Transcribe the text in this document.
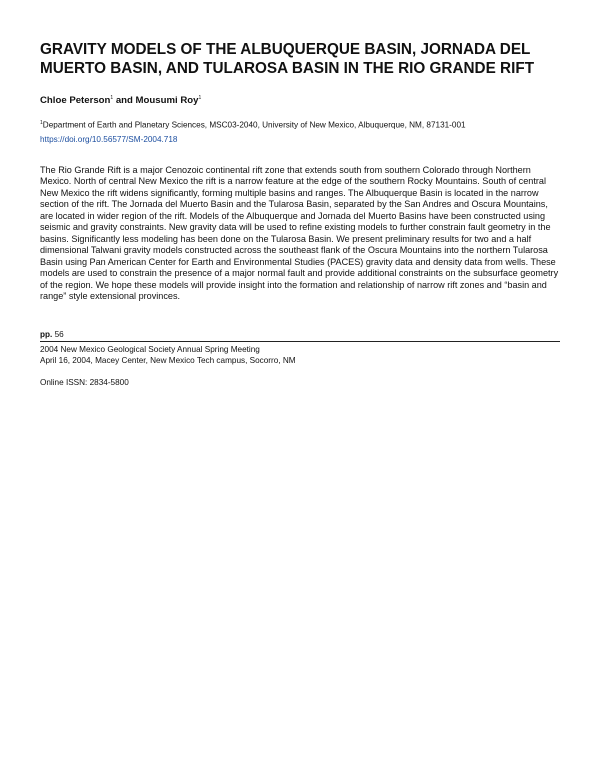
GRAVITY MODELS OF THE ALBUQUERQUE BASIN, JORNADA DEL MUERTO BASIN, AND TULAROSA BASIN IN THE RIO GRANDE RIFT
Chloe Peterson$^1$ and Mousumi Roy$^1$
$^1$Department of Earth and Planetary Sciences, MSC03-2040, University of New Mexico, Albuquerque, NM, 87131-001
https://doi.org/10.56577/SM-2004.718
The Rio Grande Rift is a major Cenozoic continental rift zone that extends south from southern Colorado through Northern Mexico. North of central New Mexico the rift is a narrow feature at the edge of the southern Rocky Mountains. South of central New Mexico the rift widens significantly, forming multiple basins and ranges. The Albuquerque Basin is located in the narrow section of the rift. The Jornada del Muerto Basin and the Tularosa Basin, separated by the San Andres and Oscura Mountains, are located in wider region of the rift. Models of the Albuquerque and Jornada del Muerto Basins have been constructed using seismic and gravity constraints. New gravity data will be used to refine existing models to further constrain fault geometry in the basins. Significantly less modeling has been done on the Tularosa Basin. We present preliminary results for two and a half dimensional Talwani gravity models constructed across the southeast flank of the Oscura Mountains into the northern Tularosa Basin using Pan American Center for Earth and Environmental Studies (PACES) gravity data and density data from wells. These models are used to constrain the presence of a major normal fault and provide additional constraints on the subsurface geometry of the region. We hope these models will provide insight into the formation and relationship of narrow rift zones and “basin and range” style extensional provinces.
pp. 56
2004 New Mexico Geological Society Annual Spring Meeting
April 16, 2004, Macey Center, New Mexico Tech campus, Socorro, NM
Online ISSN: 2834-5800
